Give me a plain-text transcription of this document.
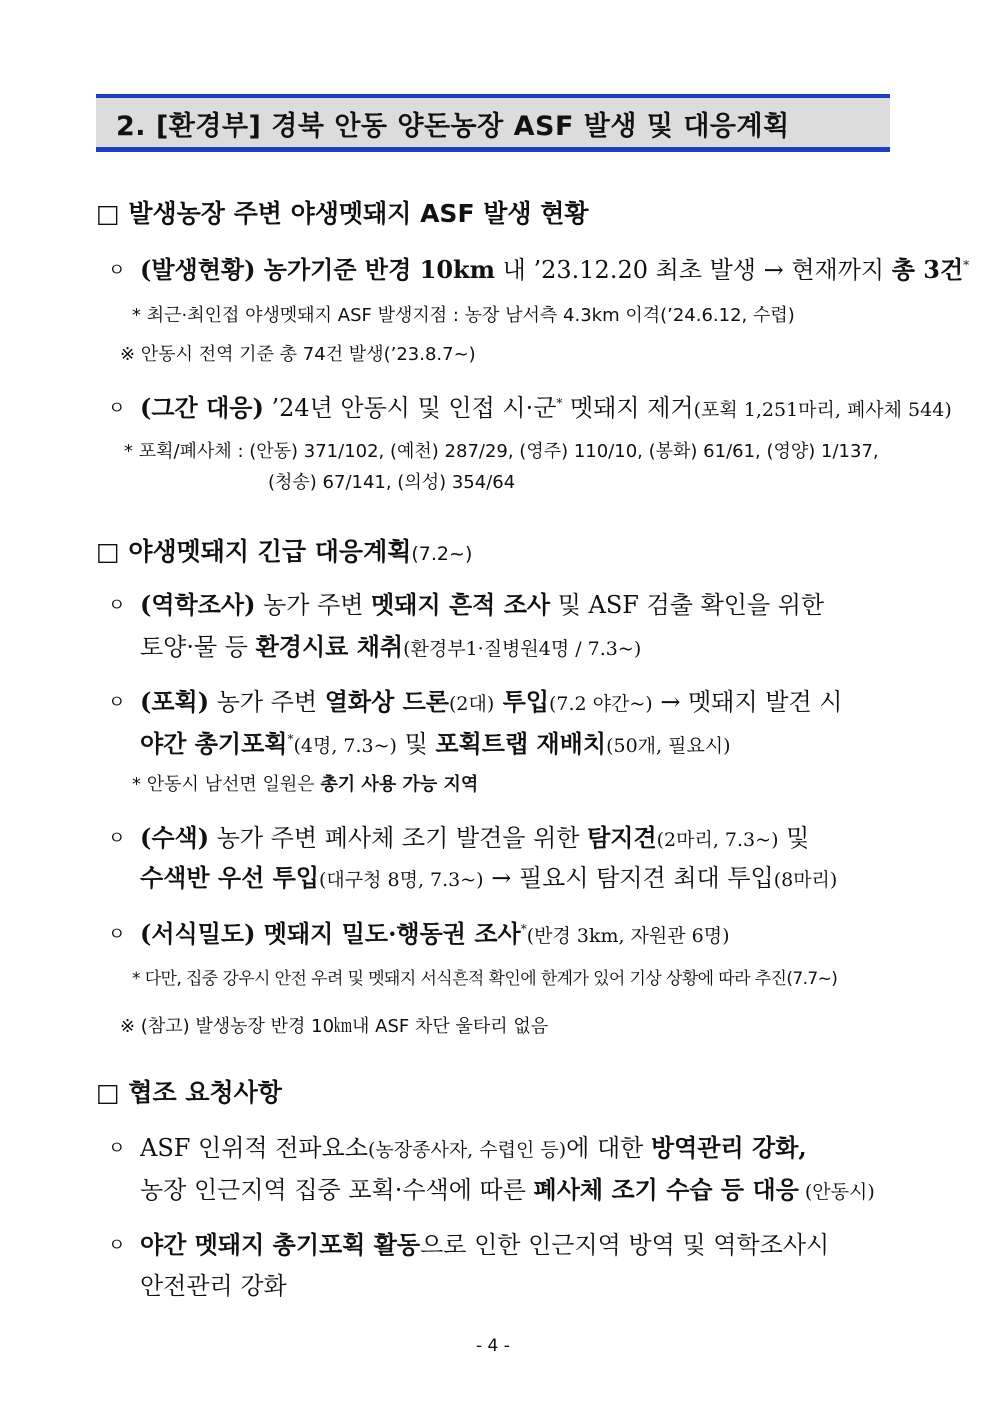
2. [환경부] 경북 안동 양돈농장 ASF 발생 및 대응계획
□ 발생농장 주변 야생멧돼지 ASF 발생 현황
ㅇ (발생현황) 농가기준 반경 10km 내 ’23.12.20 최초 발생 → 현재까지 총 3건*
* 최근·최인접 야생멧돼지 ASF 발생지점 : 농장 남서측 4.3km 이격(’24.6.12, 수렵)
※ 안동시 전역 기준 총 74건 발생(’23.8.7~)
ㅇ (그간 대응) ’24년 안동시 및 인접 시·군* 멧돼지 제거(포획 1,251마리, 폐사체 544)
* 포획/폐사체 : (안동) 371/102, (예천) 287/29, (영주) 110/10, (봉화) 61/61, (영양) 1/137,
(청송) 67/141, (의성) 354/64
□ 야생멧돼지 긴급 대응계획(7.2~)
ㅇ (역학조사) 농가 주변 멧돼지 흔적 조사 및 ASF 검출 확인을 위한
토양·물 등 환경시료 채취(환경부1·질병원4명 / 7.3~)
ㅇ (포획) 농가 주변 열화상 드론(2대) 투입(7.2 야간~) → 멧돼지 발견 시
야간 총기포획*(4명, 7.3~) 및 포획트랩 재배치(50개, 필요시)
* 안동시 남선면 일원은 총기 사용 가능 지역
ㅇ (수색) 농가 주변 폐사체 조기 발견을 위한 탐지견(2마리, 7.3~) 및
수색반 우선 투입(대구청 8명, 7.3~) → 필요시 탐지견 최대 투입(8마리)
ㅇ (서식밀도) 멧돼지 밀도·행동권 조사*(반경 3km, 자원관 6명)
* 다만, 집중 강우시 안전 우려 및 멧돼지 서식흔적 확인에 한계가 있어 기상 상황에 따라 추진(7.7~)
※ (참고) 발생농장 반경 10㎞내 ASF 차단 울타리 없음
□ 협조 요청사항
ㅇ ASF 인위적 전파요소(농장종사자, 수렵인 등)에 대한 방역관리 강화,
농장 인근지역 집중 포획·수색에 따른 폐사체 조기 수습 등 대응 (안동시)
ㅇ 야간 멧돼지 총기포획 활동으로 인한 인근지역 방역 및 역학조사시
안전관리 강화
- 4 -
